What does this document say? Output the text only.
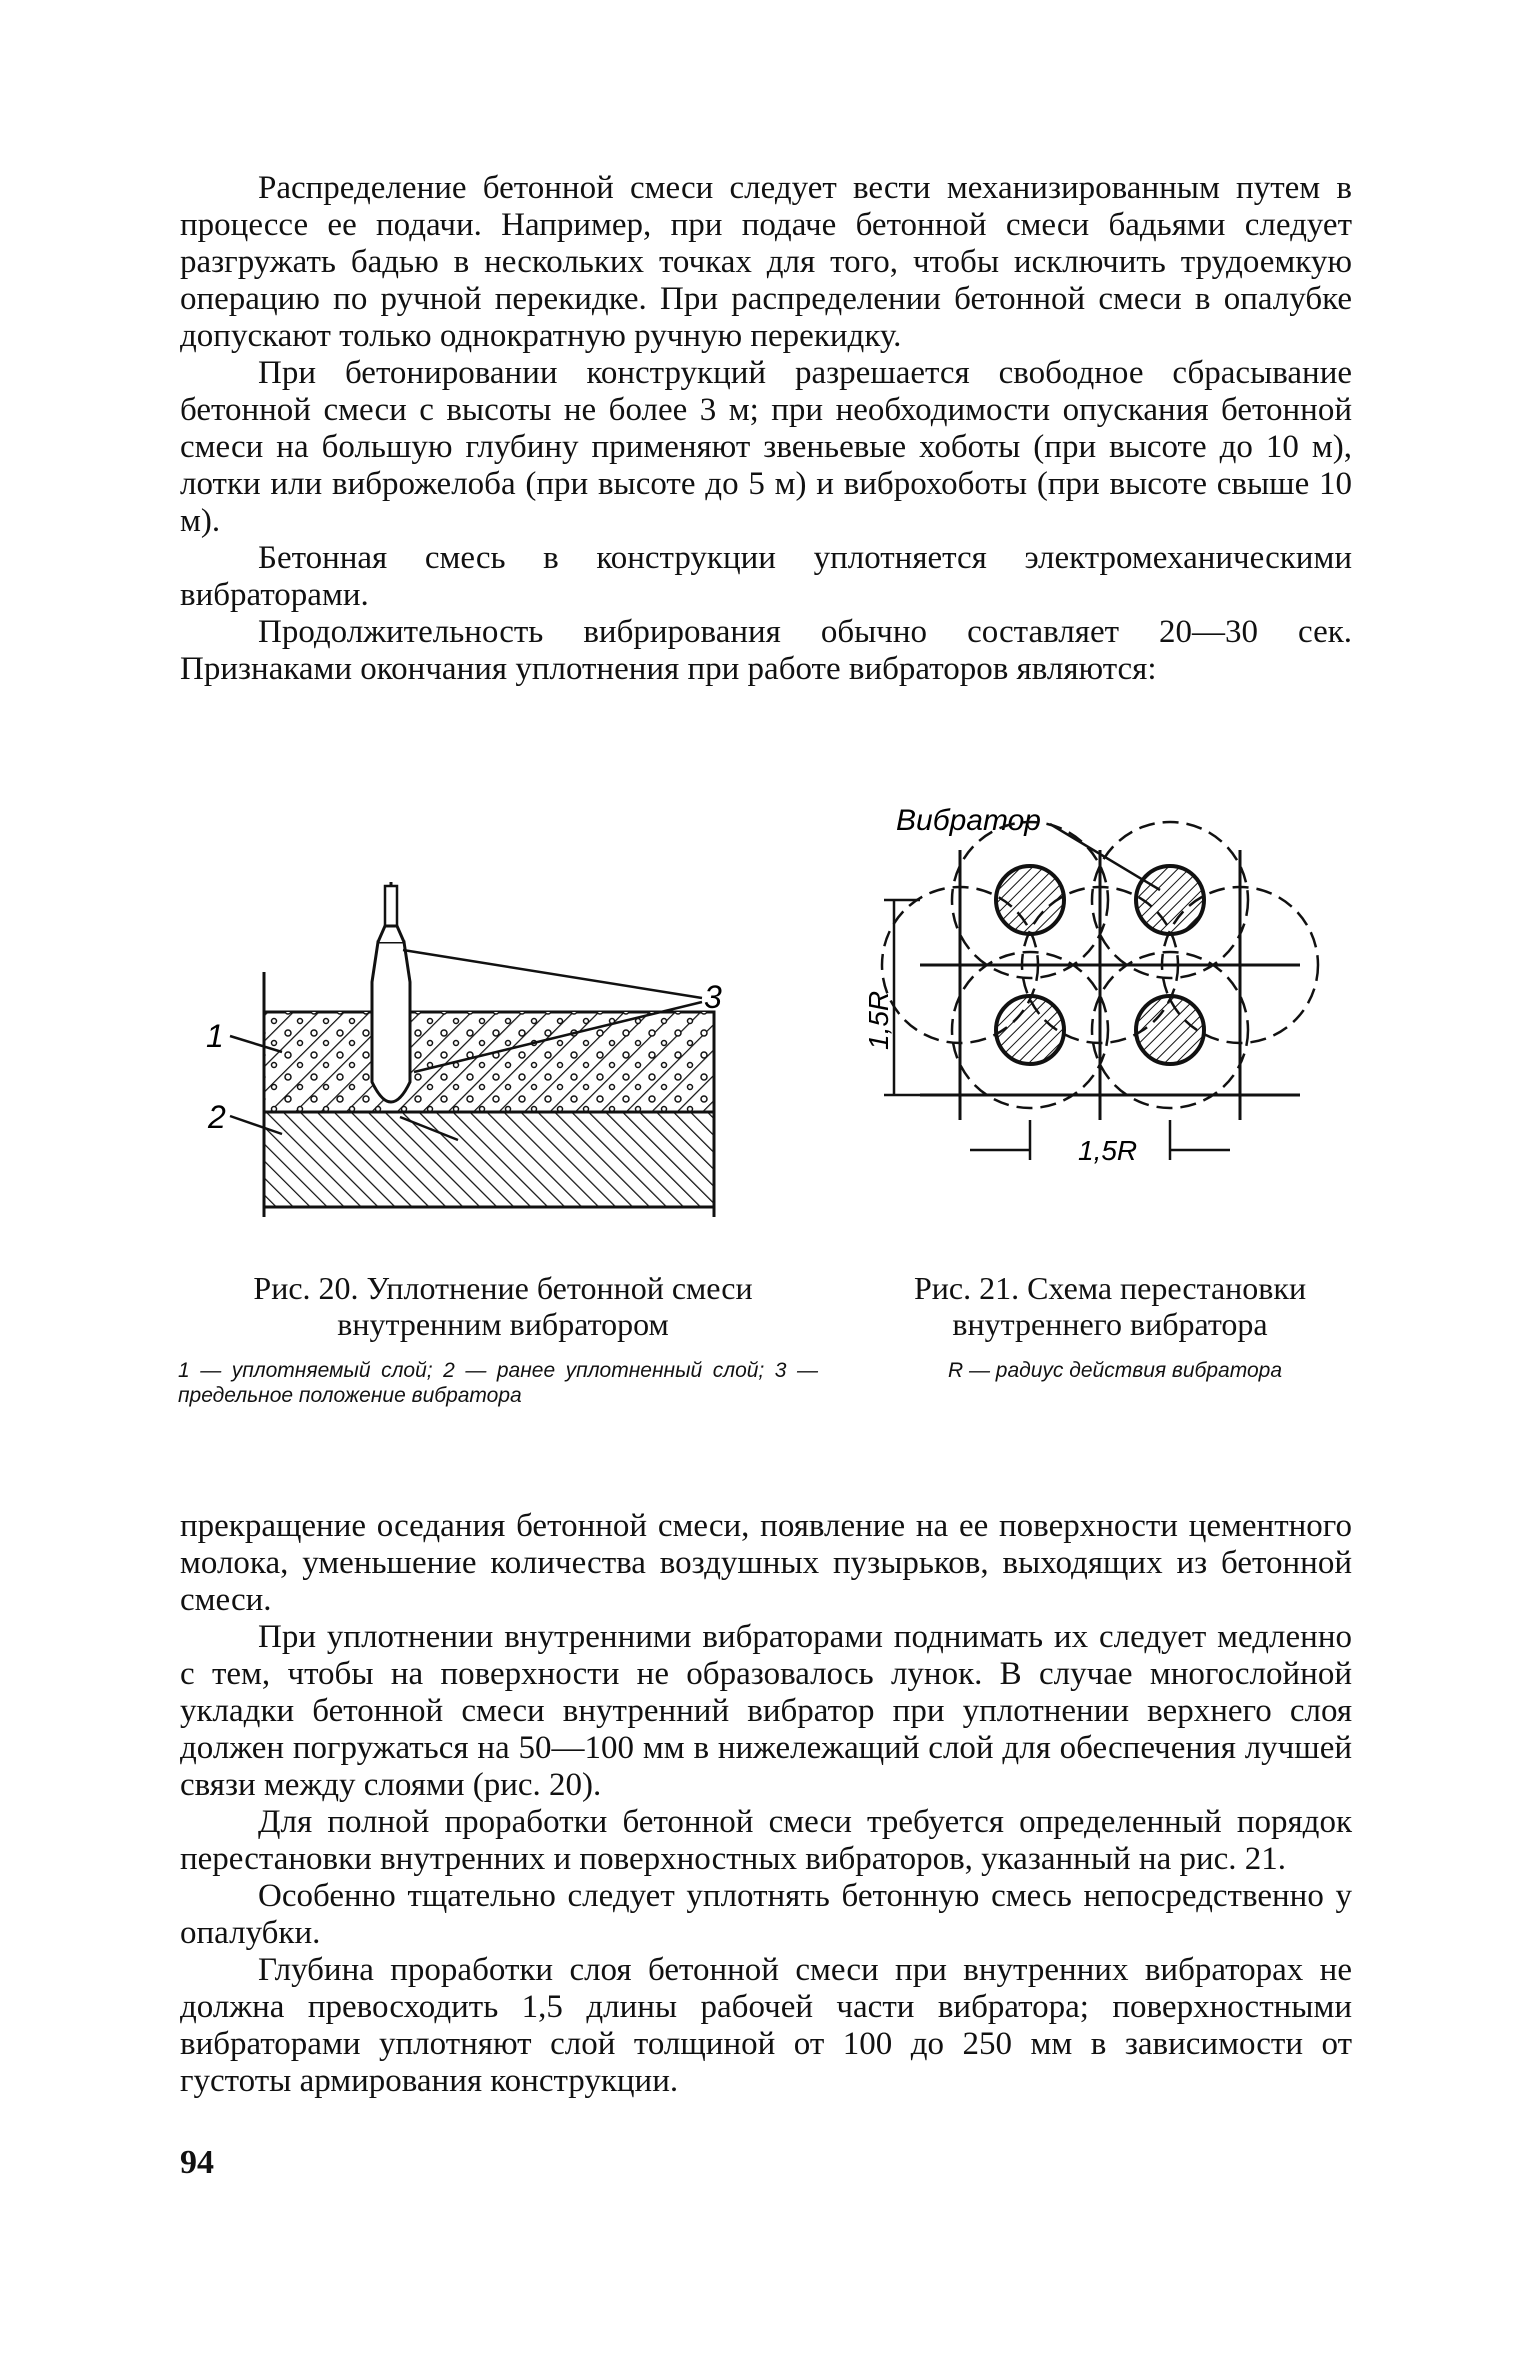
Распределение бетонной смеси следует вести механизированным путем в процессе ее подачи. Например, при подаче бетонной смеси бадьями следует разгружать бадью в нескольких точках для того, чтобы исключить трудоемкую операцию по ручной перекидке. При распределении бетонной смеси в опалубке допускают только однократную ручную перекидку.

При бетонировании конструкций разрешается свободное сбрасывание бетонной смеси с высоты не более 3 м; при необходимости опускания бетонной смеси на большую глубину применяют звеньевые хоботы (при высоте до 10 м), лотки или виброжелоба (при высоте до 5 м) и виброхоботы (при высоте свыше 10 м).

Бетонная смесь в конструкции уплотняется электромеханическими вибраторами.

Продолжительность вибрирования обычно составляет 20—30 сек. Признаками окончания уплотнения при работе вибраторов являются:

1
2
3
Рис. 20. Уплотнение бетонной смеси внутренним вибратором
1 — уплотняемый слой; 2 — ранее уплотненный слой; 3 — предельное положение вибратора
Вибратор
1,5R
1,5R
Рис. 21. Схема перестановки внутреннего вибратора
R — радиус действия вибратора

прекращение оседания бетонной смеси, появление на ее поверхности цементного молока, уменьшение количества воздушных пузырьков, выходящих из бетонной смеси.

При уплотнении внутренними вибраторами поднимать их следует медленно с тем, чтобы на поверхности не образовалось лунок. В случае многослойной укладки бетонной смеси внутренний вибратор при уплотнении верхнего слоя должен погружаться на 50—100 мм в нижележащий слой для обеспечения лучшей связи между слоями (рис. 20).

Для полной проработки бетонной смеси требуется определенный порядок перестановки внутренних и поверхностных вибраторов, указанный на рис. 21.

Особенно тщательно следует уплотнять бетонную смесь непосредственно у опалубки.

Глубина проработки слоя бетонной смеси при внутренних вибраторах не должна превосходить 1,5 длины рабочей части вибратора; поверхностными вибраторами уплотняют слой толщиной от 100 до 250 мм в зависимости от густоты армирования конструкции.

94
